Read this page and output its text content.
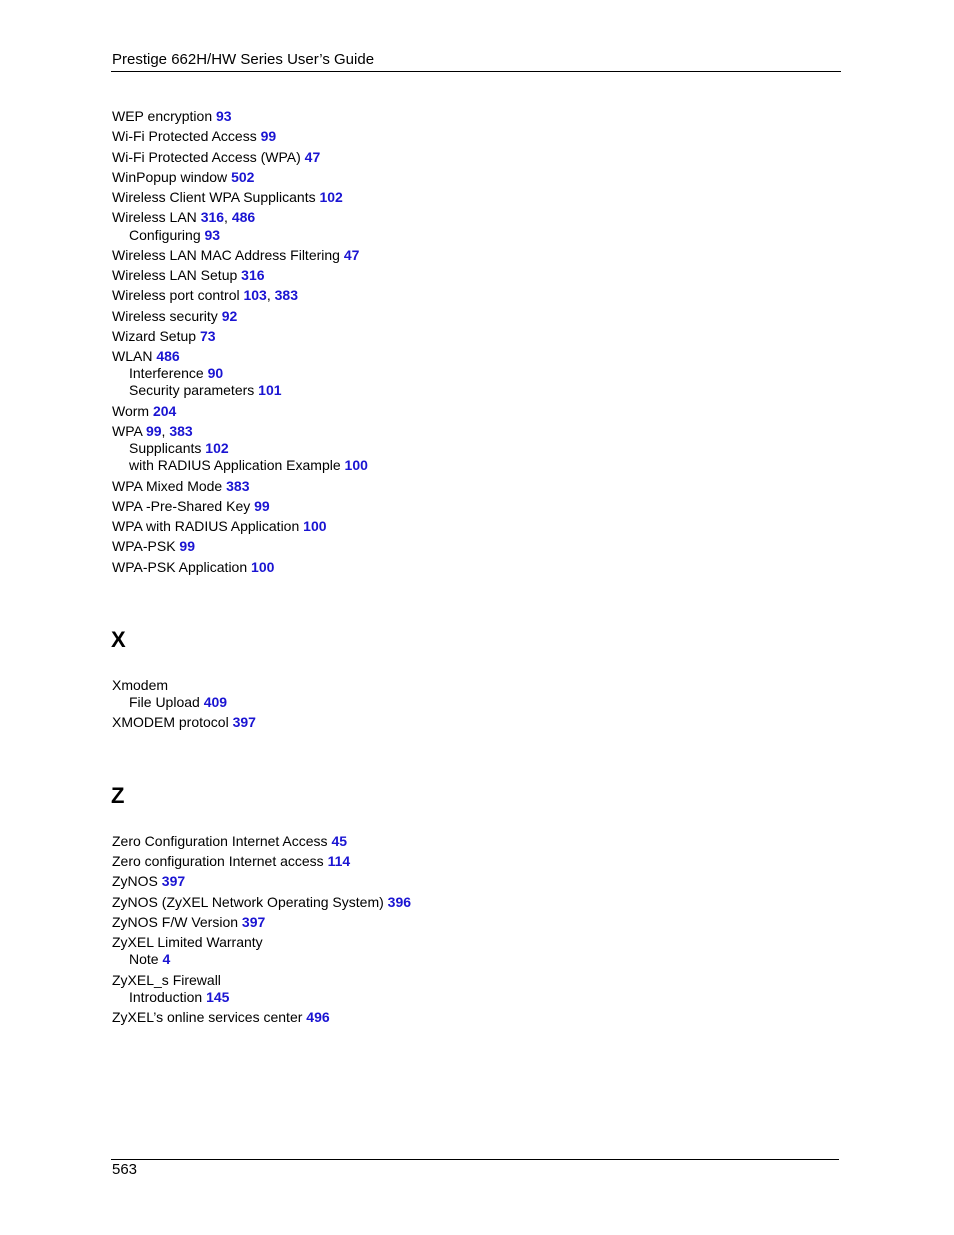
Prestige 662H/HW Series User’s Guide
WEP encryption 93
Wi-Fi Protected Access 99
Wi-Fi Protected Access (WPA) 47
WinPopup window 502
Wireless Client WPA Supplicants 102
Wireless LAN 316, 486
Configuring 93
Wireless LAN MAC Address Filtering 47
Wireless LAN Setup 316
Wireless port control 103, 383
Wireless security 92
Wizard Setup 73
WLAN 486
Interference 90
Security parameters 101
Worm 204
WPA 99, 383
Supplicants 102
with RADIUS Application Example 100
WPA Mixed Mode 383
WPA -Pre-Shared Key 99
WPA with RADIUS Application 100
WPA-PSK 99
WPA-PSK Application 100
Xmodem
File Upload 409
XMODEM protocol 397
Zero Configuration Internet Access 45
Zero configuration Internet access 114
ZyNOS 397
ZyNOS (ZyXEL Network Operating System) 396
ZyNOS F/W Version 397
ZyXEL Limited Warranty
Note 4
ZyXEL_s Firewall
Introduction 145
ZyXEL’s online services center 496
X
Z
563
